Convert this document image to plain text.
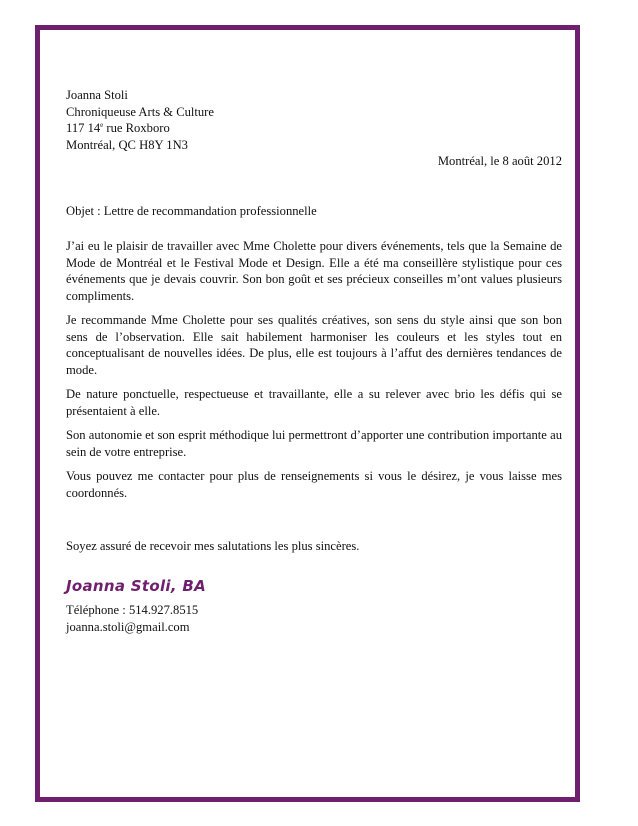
Joanna Stoli
Chroniqueuse Arts & Culture
117 14e rue Roxboro
Montréal, QC H8Y 1N3
Montréal, le 8 août 2012
Objet : Lettre de recommandation professionnelle

J’ai eu le plaisir de travailler avec Mme Cholette pour divers événements, tels que la Semaine de Mode de Montréal et le Festival Mode et Design. Elle a été ma conseillère stylistique pour ces événements que je devais couvrir. Son bon goût et ses précieux conseilles m’ont values plusieurs compliments.

Je recommande Mme Cholette pour ses qualités créatives, son sens du style ainsi que son bon sens de l’observation. Elle sait habilement harmoniser les couleurs et les styles tout en conceptualisant de nouvelles idées. De plus, elle est toujours à l’affut des dernières tendances de mode.

De nature ponctuelle, respectueuse et travaillante, elle a su relever avec brio les défis qui se présentaient à elle.

Son autonomie et son esprit méthodique lui permettront d’apporter une contribution importante au sein de votre entreprise.

Vous pouvez me contacter pour plus de renseignements si vous le désirez, je vous laisse mes coordonnés.

Soyez assuré de recevoir mes salutations les plus sincères.
Joanna Stoli, BA
Téléphone : 514.927.8515
joanna.stoli@gmail.com
